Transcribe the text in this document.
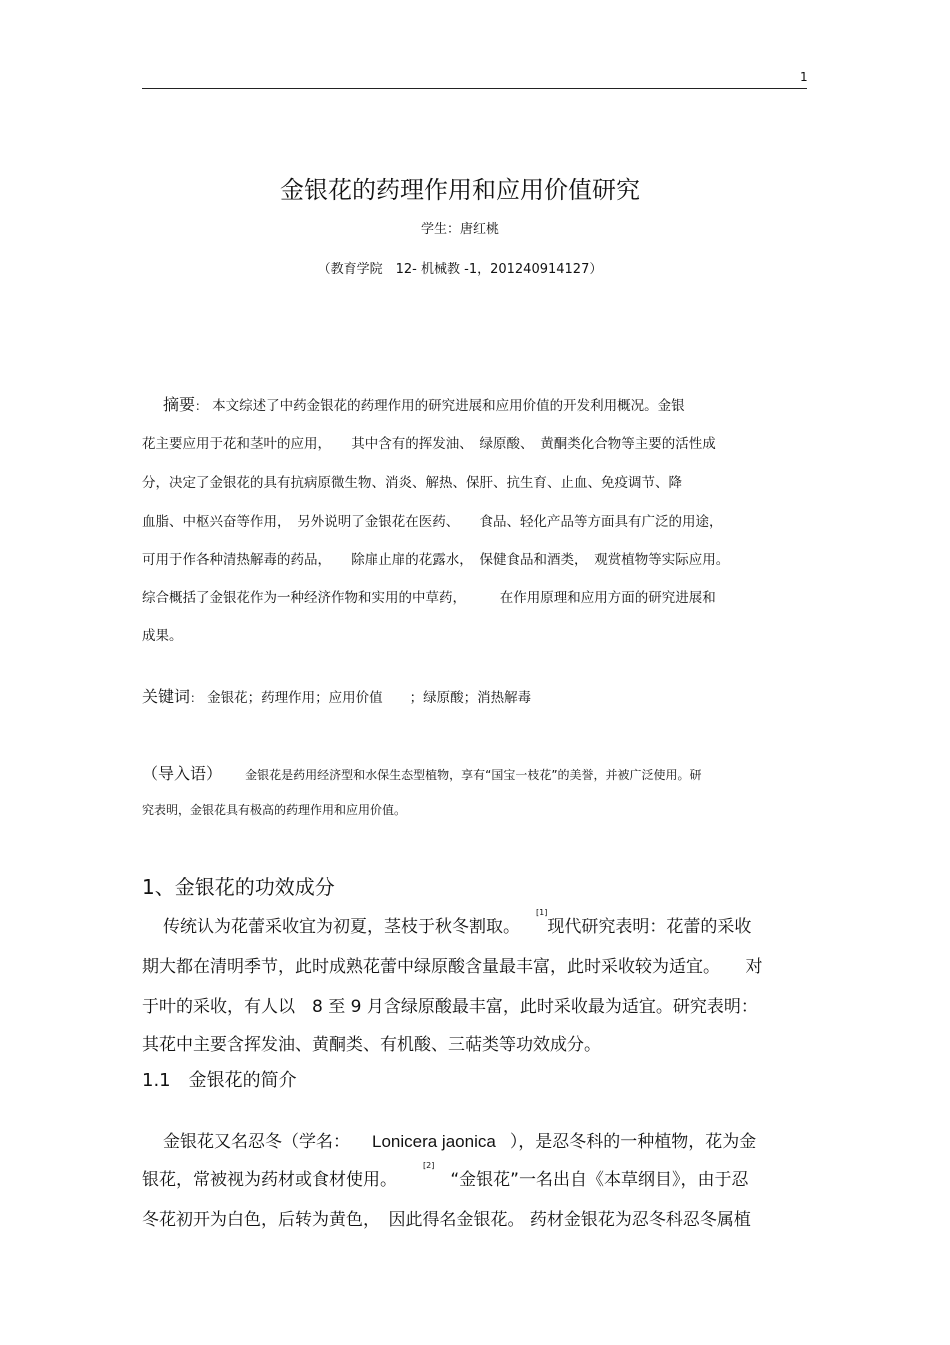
1
金银花的药理作用和应用价值研究
学生：唐红桃
（教育学院　12- 机械教 -1，201240914127）
摘要： 本文综述了中药金银花的药理作用的研究进展和应用价值的开发利用概况。金银
花主要应用于花和茎叶的应用，　　其中含有的挥发油、　绿原酸、　黄酮类化合物等主要的活性成
分，决定了金银花的具有抗病原微生物、消炎、解热、保肝、抗生育、止血、免疫调节、降
血脂、中枢兴奋等作用，　另外说明了金银花在医药、　　食品、轻化产品等方面具有广泛的用途，
可用于作各种清热解毒的药品，　　除扉止扉的花露水，　保健食品和酒类，　观赏植物等实际应用。
综合概括了金银花作为一种经济作物和实用的中草药，　　　在作用原理和应用方面的研究进展和
成果。
关键词： 金银花；药理作用；应用价值　　；绿原酸；消热解毒
（导入语） 金银花是药用经济型和水保生态型植物，享有“国宝一枝花”的美誉，并被广泛使用。研
究表明，金银花具有极高的药理作用和应用价值。
1、金银花的功效成分
传统认为花蕾采收宜为初夏，茎枝于秋冬割取。[1]现代研究表明：花蕾的采收
期大都在清明季节，此时成熟花蕾中绿原酸含量最丰富，此时采收较为适宜。　　对
于叶的采收，有人以　8 至 9 月含绿原酸最丰富，此时采收最为适宜。研究表明：
其花中主要含挥发油、黄酮类、有机酸、三萜类等功效成分。
1.1　金银花的简介
金银花又名忍冬（学名： Lonicera jaonica ），是忍冬科的一种植物，花为金
银花，常被视为药材或食材使用。[2]“金银花”一名出自《本草纲目》，由于忍
冬花初开为白色，后转为黄色，　因此得名金银花。 药材金银花为忍冬科忍冬属植
